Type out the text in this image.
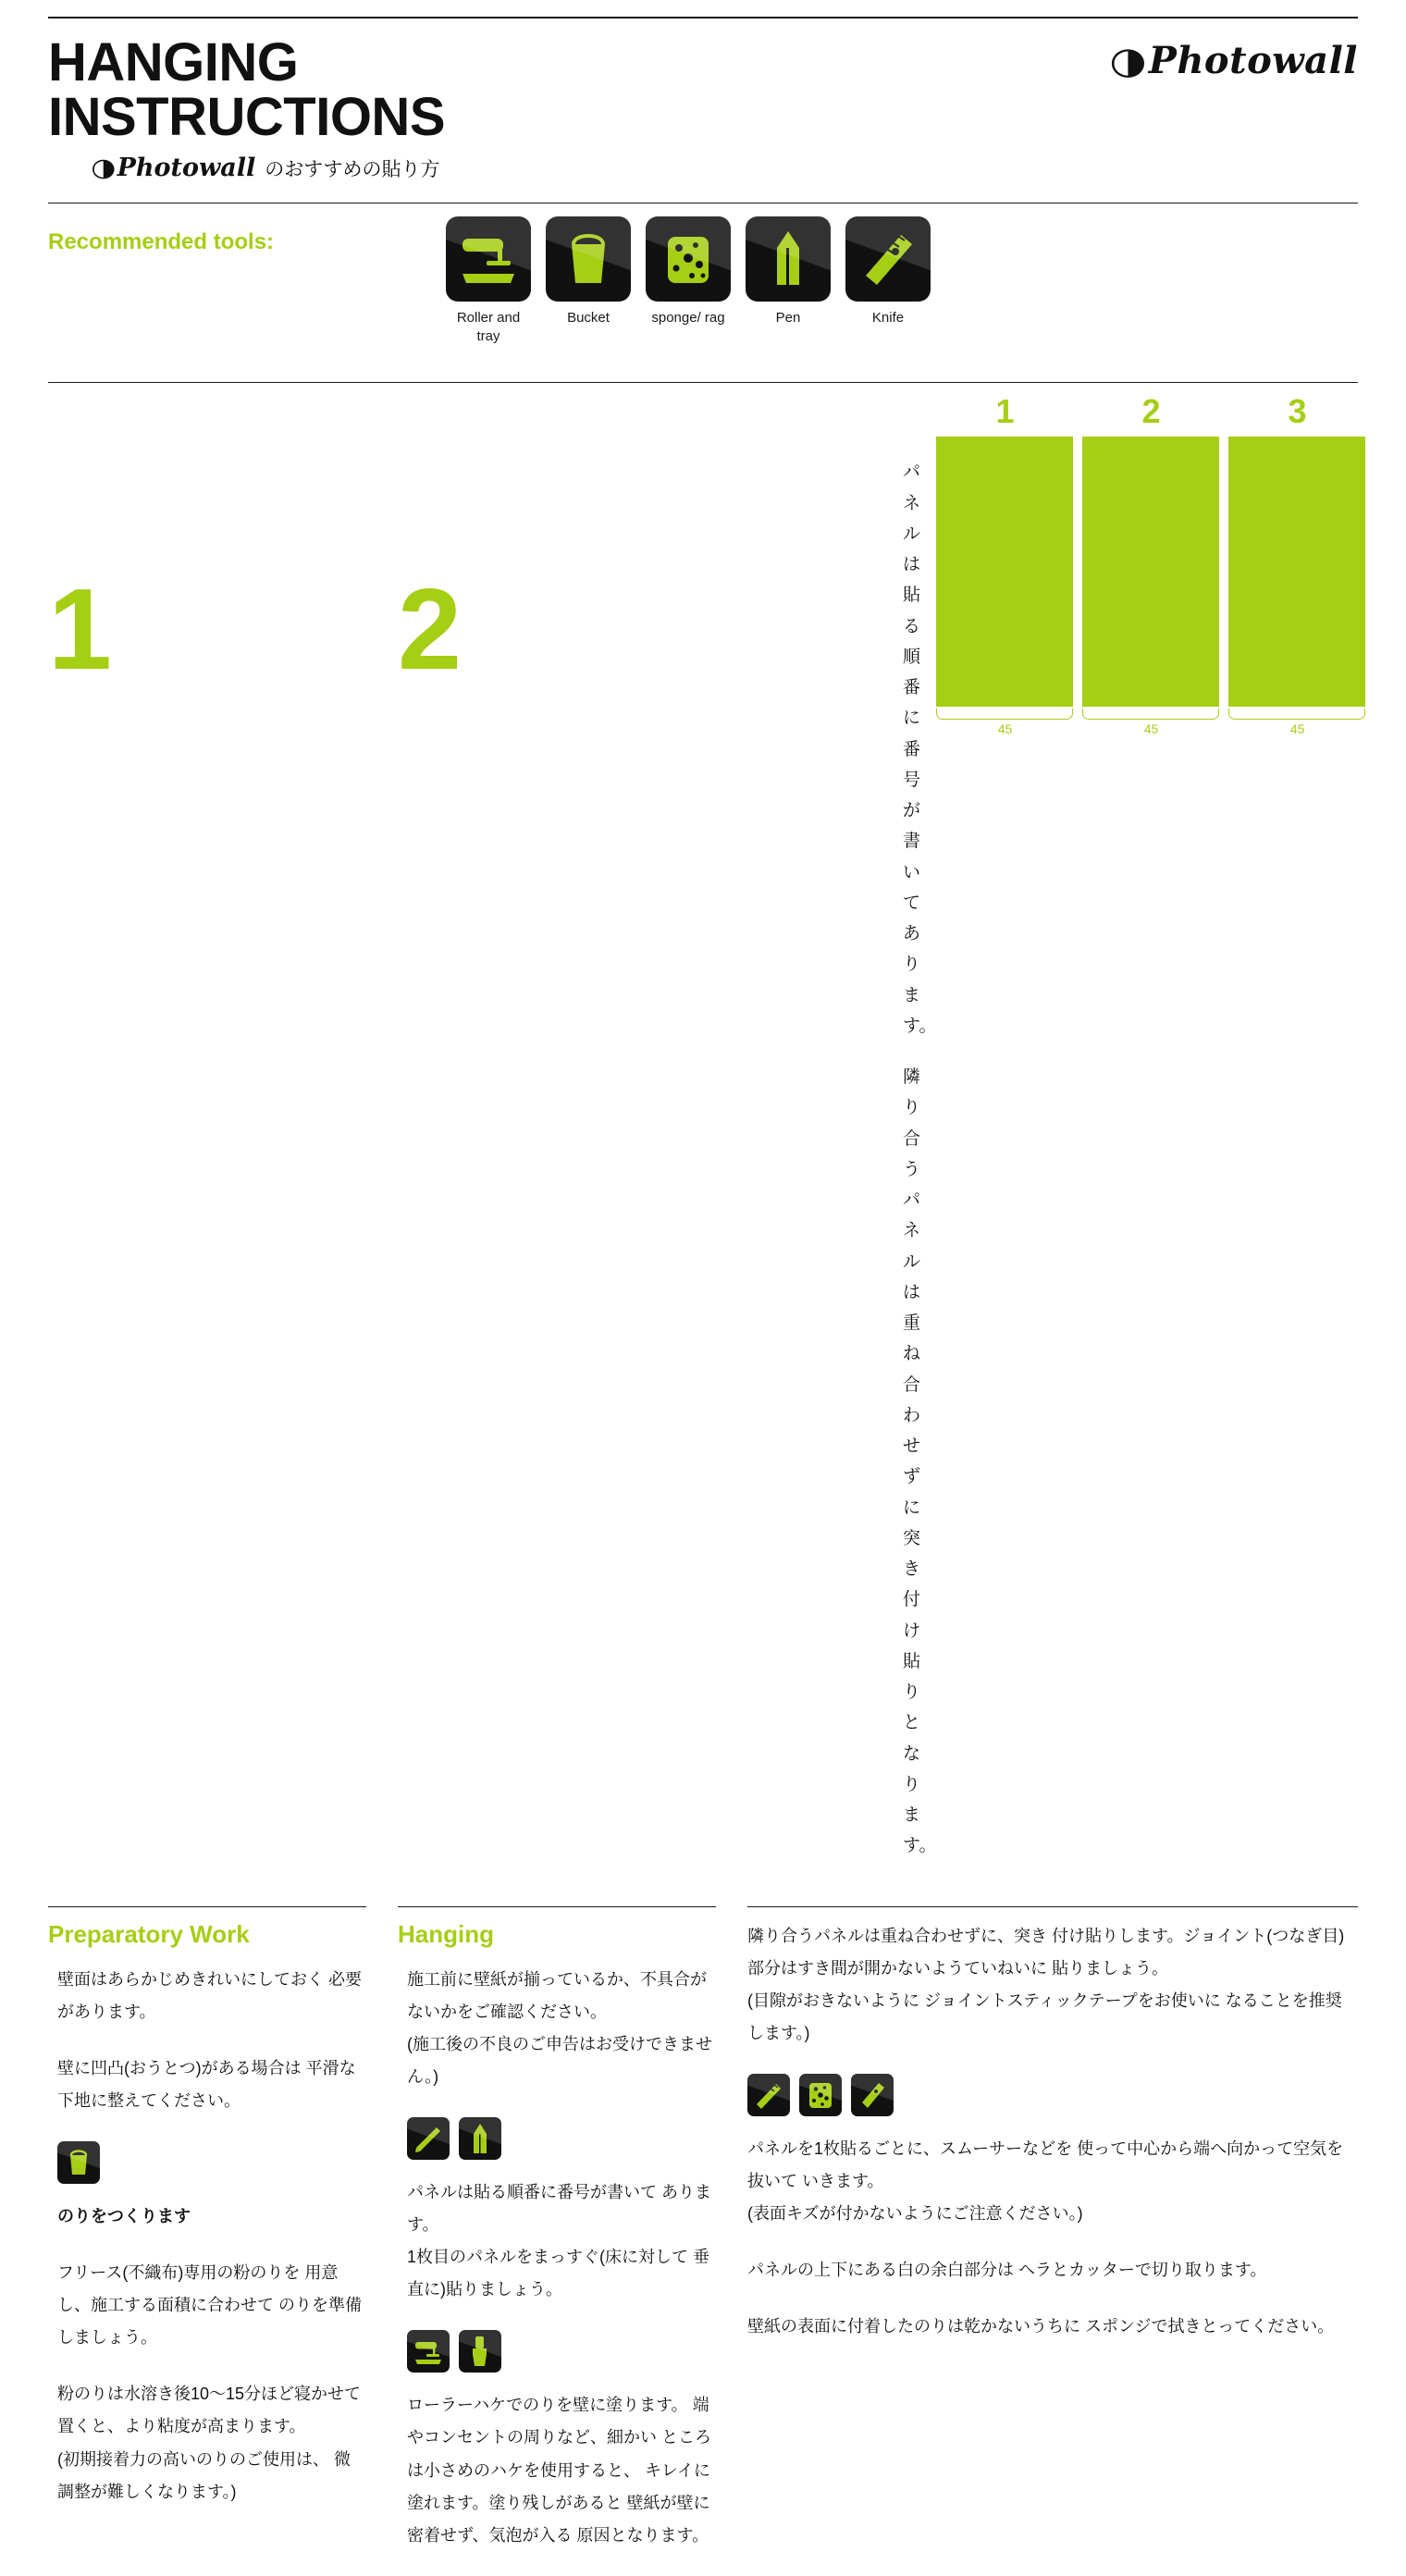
HANGING
INSTRUCTIONS
◑Photowall
◑Photowall のおすすめの貼り方
Recommended tools:
Roller and tray
Bucket	sponge/ rag	Pen	Knife
1	2

パネルは貼る順番に 番号が書いてあります。

隣り合うパネルは 重ね合わせずに突き 付け貼りとなります。

1	2	3
45	45	45
Preparatory Work

壁面はあらかじめきれいにしておく 必要があります。

壁に凹凸(おうとつ)がある場合は 平滑な下地に整えてください。

のりをつくります

フリース(不織布)専用の粉のりを 用意し、施工する面積に合わせて のりを準備しましょう。

粉のりは水溶き後10〜15分ほど寝かせて 置くと、より粘度が高まります。

(初期接着力の高いのりのご使用は、 微調整が難しくなります。)

Hanging

施工前に壁紙が揃っているか、不具合が ないかをご確認ください。

(施工後の不良のご申告はお受けできません。)

パネルは貼る順番に番号が書いて あります。

1枚目のパネルをまっすぐ(床に対して 垂直に)貼りましょう。

ローラーハケでのりを壁に塗ります。 端やコンセントの周りなど、細かい ところは小さめのハケを使用すると、 キレイに塗れます。塗り残しがあると 壁紙が壁に密着せず、気泡が入る 原因となります。

隣り合うパネルは重ね合わせずに、突き 付け貼りします。ジョイント(つなぎ目) 部分はすき間が開かないようていねいに 貼りましょう。

(目隙がおきないように ジョイントスティックテープをお使いに なることを推奨します。)

パネルを1枚貼るごとに、スムーサーなどを 使って中心から端へ向かって空気を抜いて いきます。

(表面キズが付かないようにご注意ください。)

パネルの上下にある白の余白部分は ヘラとカッターで切り取ります。

壁紙の表面に付着したのりは乾かないうちに スポンジで拭きとってください。
